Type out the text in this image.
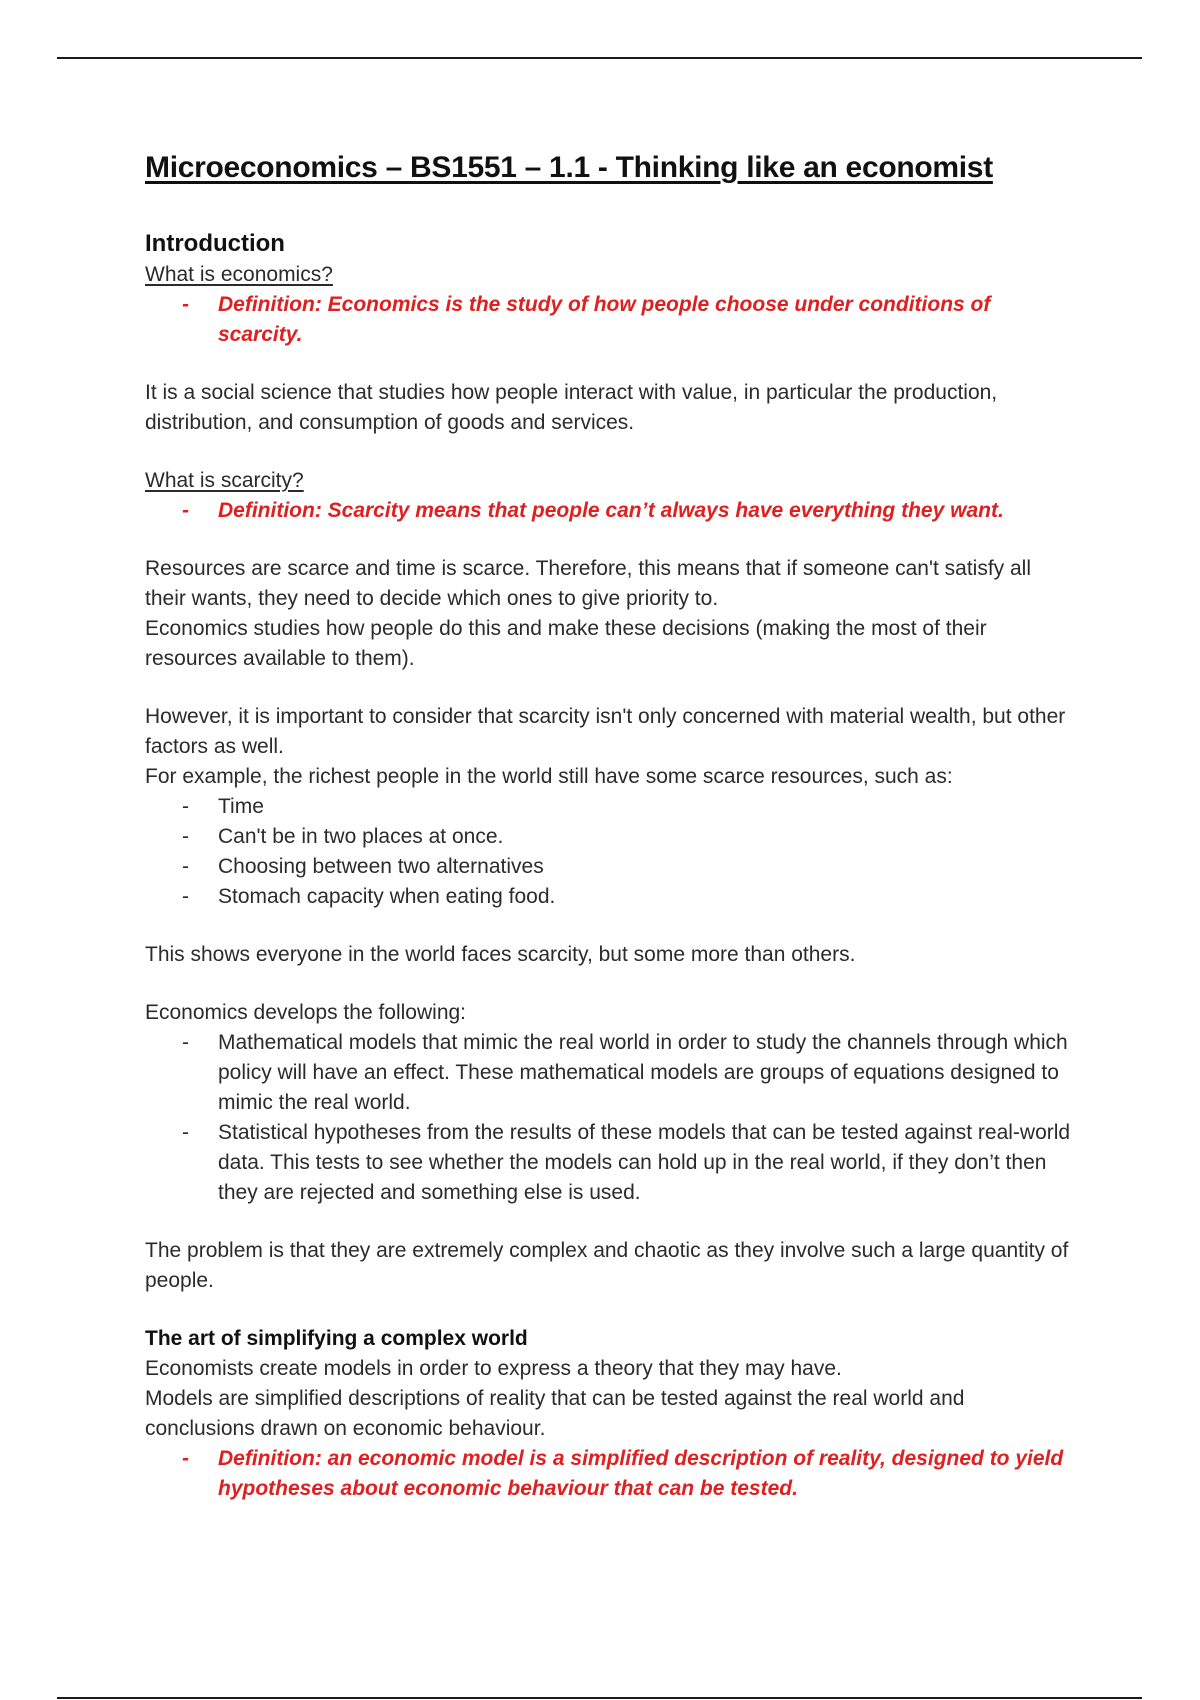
Microeconomics – BS1551 – 1.1 - Thinking like an economist
Introduction

What is economics?

- Definition: Economics is the study of how people choose under conditions of scarcity.

It is a social science that studies how people interact with value, in particular the production, distribution, and consumption of goods and services.

What is scarcity?

- Definition: Scarcity means that people can’t always have everything they want.

Resources are scarce and time is scarce. Therefore, this means that if someone can't satisfy all their wants, they need to decide which ones to give priority to.

Economics studies how people do this and make these decisions (making the most of their resources available to them).

However, it is important to consider that scarcity isn't only concerned with material wealth, but other factors as well.

For example, the richest people in the world still have some scarce resources, such as:

- Time
- Can't be in two places at once.
- Choosing between two alternatives
- Stomach capacity when eating food.

This shows everyone in the world faces scarcity, but some more than others.

Economics develops the following:

- Mathematical models that mimic the real world in order to study the channels through which policy will have an effect. These mathematical models are groups of equations designed to mimic the real world.
- Statistical hypotheses from the results of these models that can be tested against real-world data. This tests to see whether the models can hold up in the real world, if they don’t then they are rejected and something else is used.

The problem is that they are extremely complex and chaotic as they involve such a large quantity of people.

The art of simplifying a complex world

Economists create models in order to express a theory that they may have.

Models are simplified descriptions of reality that can be tested against the real world and conclusions drawn on economic behaviour.

- Definition: an economic model is a simplified description of reality, designed to yield hypotheses about economic behaviour that can be tested.
